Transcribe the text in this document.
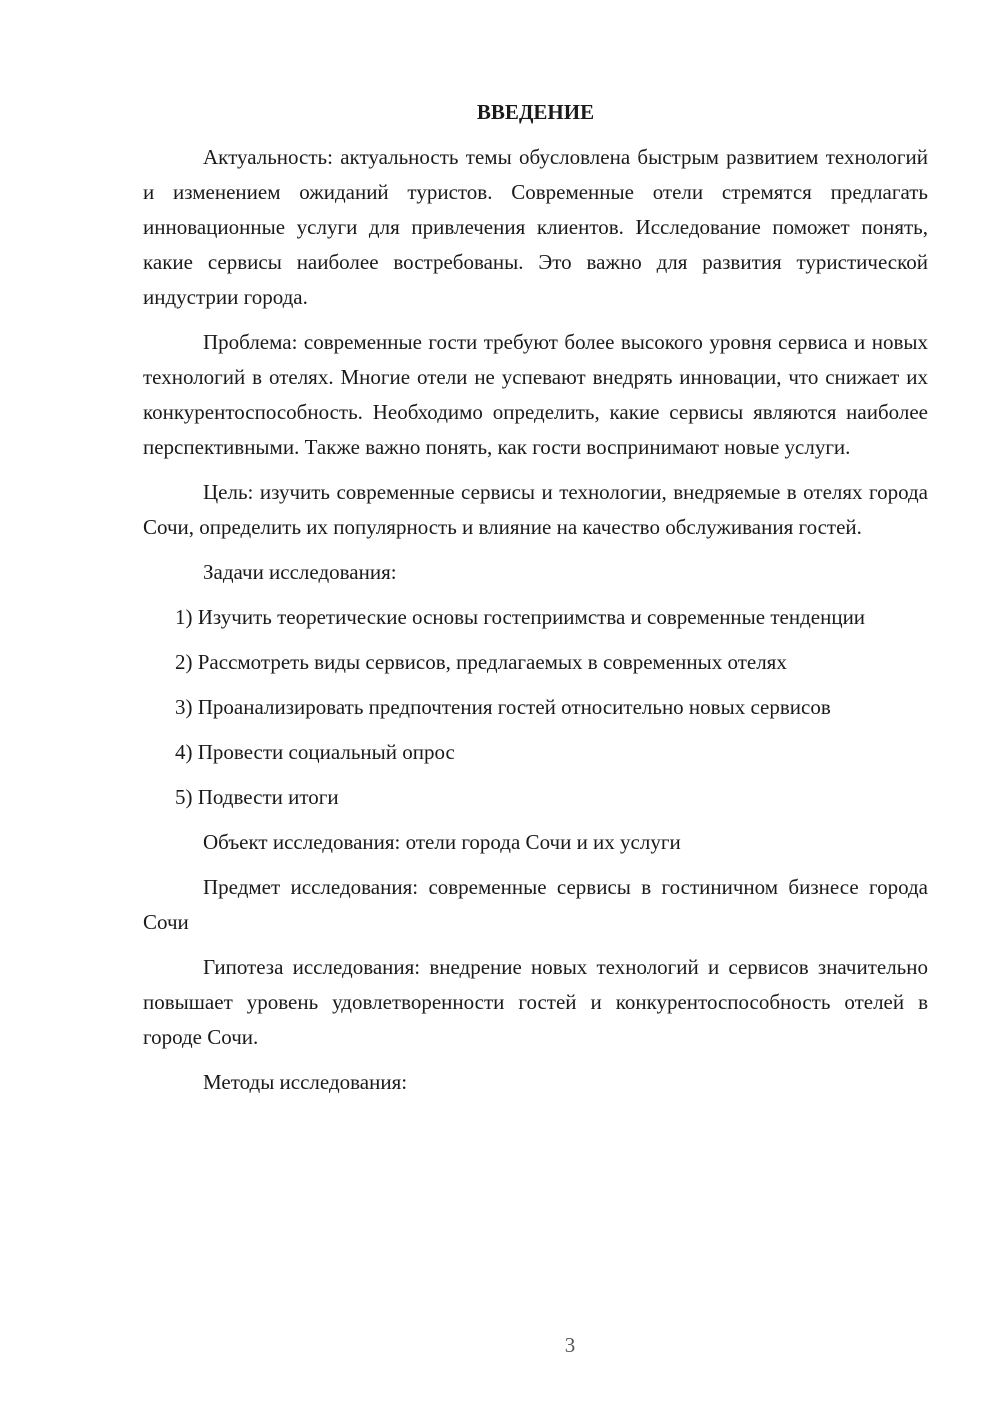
ВВЕДЕНИЕ

Актуальность: актуальность темы обусловлена быстрым развитием технологий и изменением ожиданий туристов. Современные отели стремятся предлагать инновационные услуги для привлечения клиентов. Исследование поможет понять, какие сервисы наиболее востребованы. Это важно для развития туристической индустрии города.

Проблема: современные гости требуют более высокого уровня сервиса и новых технологий в отелях. Многие отели не успевают внедрять инновации, что снижает их конкурентоспособность. Необходимо определить, какие сервисы являются наиболее перспективными. Также важно понять, как гости воспринимают новые услуги.

Цель: изучить современные сервисы и технологии, внедряемые в отелях города Сочи, определить их популярность и влияние на качество обслуживания гостей.

Задачи исследования:

1) Изучить теоретические основы гостеприимства и современные тенденции

2) Рассмотреть виды сервисов, предлагаемых в современных отелях

3) Проанализировать предпочтения гостей относительно новых сервисов

4) Провести социальный опрос

5) Подвести итоги

Объект исследования: отели города Сочи и их услуги

Предмет исследования: современные сервисы в гостиничном бизнесе города Сочи

Гипотеза исследования: внедрение новых технологий и сервисов значительно повышает уровень удовлетворенности гостей и конкурентоспособность отелей в городе Сочи.

Методы исследования:

3
